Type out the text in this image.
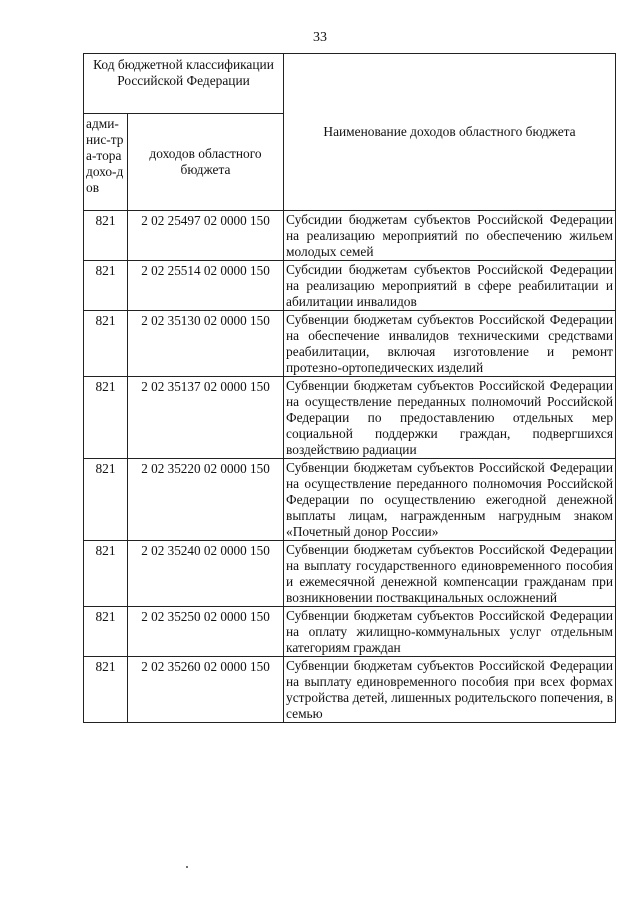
33
Код бюджетной классификации Российской Федерации		Наименование доходов областного бюджета
адми-нис-тра-тора дохо-дов	доходов областного бюджета	
821	2 02 25497 02 0000 150	Субсидии бюджетам субъектов Российской Федерации на реализацию мероприятий по обеспечению жильем молодых семей
821	2 02 25514 02 0000 150	Субсидии бюджетам субъектов Российской Федерации на реализацию мероприятий в сфере реабилитации и абилитации инвалидов
821	2 02 35130 02 0000 150	Субвенции бюджетам субъектов Российской Федерации на обеспечение инвалидов техническими средствами реабилитации, включая изготовление и ремонт протезно-ортопедических изделий
821	2 02 35137 02 0000 150	Субвенции бюджетам субъектов Российской Федерации на осуществление переданных полномочий Российской Федерации по предоставлению отдельных мер социальной поддержки граждан, подвергшихся воздействию радиации
821	2 02 35220 02 0000 150	Субвенции бюджетам субъектов Российской Федерации на осуществление переданного полномочия Российской Федерации по осуществлению ежегодной денежной выплаты лицам, награжденным нагрудным знаком «Почетный донор России»
821	2 02 35240 02 0000 150	Субвенции бюджетам субъектов Российской Федерации на выплату государственного единовременного пособия и ежемесячной денежной компенсации гражданам при возникновении поствакцинальных осложнений
821	2 02 35250 02 0000 150	Субвенции бюджетам субъектов Российской Федерации на оплату жилищно-коммунальных услуг отдельным категориям граждан
821	2 02 35260 02 0000 150	Субвенции бюджетам субъектов Российской Федерации на выплату единовременного пособия при всех формах устройства детей, лишенных родительского попечения, в семью
